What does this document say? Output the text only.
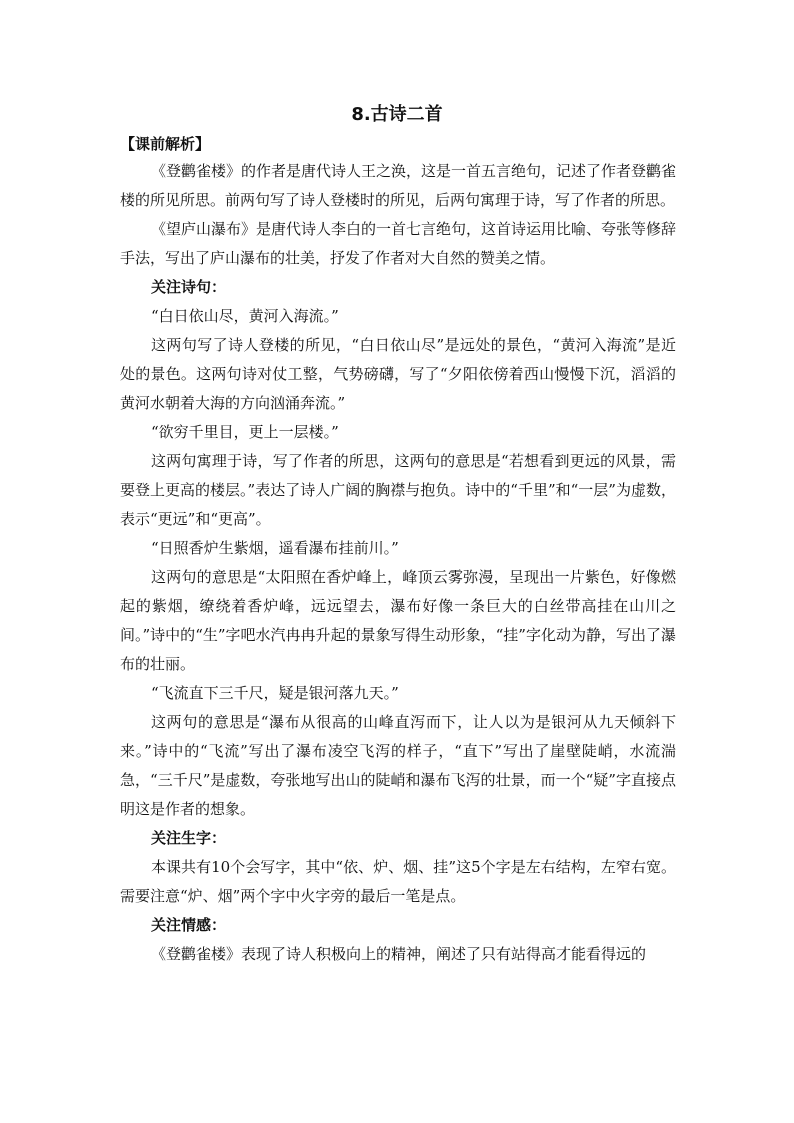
8.古诗二首
【课前解析】

《登鹳雀楼》的作者是唐代诗人王之涣，这是一首五言绝句，记述了作者登鹳雀楼的所见所思。前两句写了诗人登楼时的所见，后两句寓理于诗，写了作者的所思。

《望庐山瀑布》是唐代诗人李白的一首七言绝句，这首诗运用比喻、夸张等修辞手法，写出了庐山瀑布的壮美，抒发了作者对大自然的赞美之情。

关注诗句：

“白日依山尽，黄河入海流。”

这两句写了诗人登楼的所见，“白日依山尽”是远处的景色，“黄河入海流”是近处的景色。这两句诗对仗工整，气势磅礴，写了“夕阳依傍着西山慢慢下沉，滔滔的黄河水朝着大海的方向汹涌奔流。”

“欲穷千里目，更上一层楼。”

这两句寓理于诗，写了作者的所思，这两句的意思是“若想看到更远的风景，需要登上更高的楼层。”表达了诗人广阔的胸襟与抱负。诗中的“千里”和“一层”为虚数，表示“更远”和“更高”。

“日照香炉生紫烟，遥看瀑布挂前川。”

这两句的意思是“太阳照在香炉峰上，峰顶云雾弥漫，呈现出一片紫色，好像燃起的紫烟，缭绕着香炉峰，远远望去，瀑布好像一条巨大的白丝带高挂在山川之间。”诗中的“生”字吧水汽冉冉升起的景象写得生动形象，“挂”字化动为静，写出了瀑布的壮丽。

“飞流直下三千尺，疑是银河落九天。”

这两句的意思是“瀑布从很高的山峰直泻而下，让人以为是银河从九天倾斜下来。”诗中的“飞流”写出了瀑布凌空飞泻的样子，“直下”写出了崖壁陡峭，水流湍急，“三千尺”是虚数，夸张地写出山的陡峭和瀑布飞泻的壮景，而一个“疑”字直接点明这是作者的想象。

关注生字：

本课共有10个会写字，其中“依、炉、烟、挂”这5个字是左右结构，左窄右宽。需要注意“炉、烟”两个字中火字旁的最后一笔是点。

关注情感：

《登鹳雀楼》表现了诗人积极向上的精神，阐述了只有站得高才能看得远的
